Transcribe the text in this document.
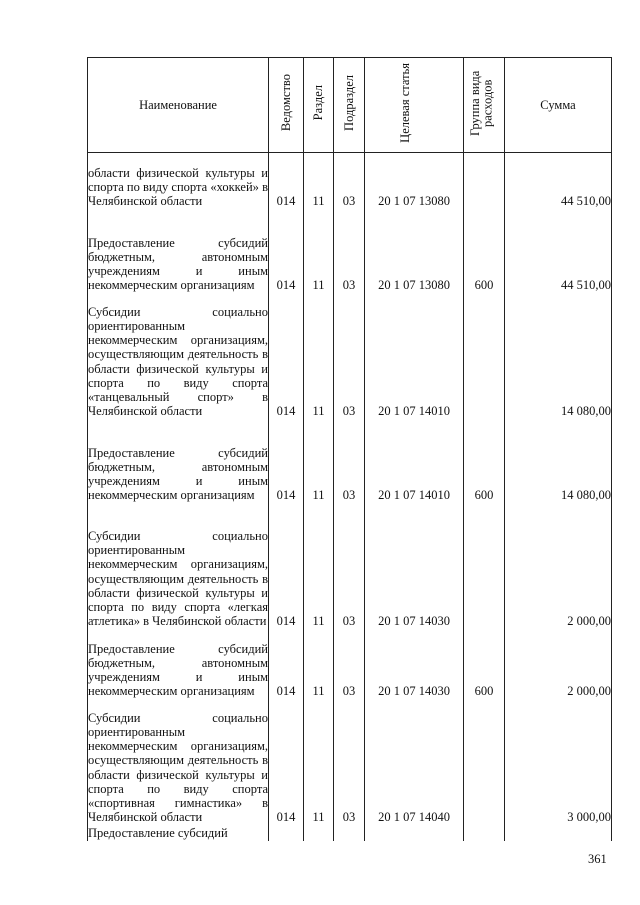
Наименование	Ведомство	Раздел	Подраздел	Целевая статья	Группа вида расходов	Сумма

области физической культуры и спорта по виду спорта «хоккей» в Челябинской области	014	11	03	20 1 07 13080		44 510,00

Предоставление субсидий бюджетным, автономным учреждениям и иным некоммерческим организациям	014	11	03	20 1 07 13080	600	44 510,00

Субсидии социально ориентированным некоммерческим организациям, осуществляющим деятельность в области физической культуры и спорта по виду спорта «танцевальный спорт» в Челябинской области	014	11	03	20 1 07 14010		14 080,00

Предоставление субсидий бюджетным, автономным учреждениям и иным некоммерческим организациям	014	11	03	20 1 07 14010	600	14 080,00

Субсидии социально ориентированным некоммерческим организациям, осуществляющим деятельность в области физической культуры и спорта по виду спорта «легкая атлетика» в Челябинской области	014	11	03	20 1 07 14030		2 000,00

Предоставление субсидий бюджетным, автономным учреждениям и иным некоммерческим организациям	014	11	03	20 1 07 14030	600	2 000,00

Субсидии социально ориентированным некоммерческим организациям, осуществляющим деятельность в области физической культуры и спорта по виду спорта «спортивная гимнастика» в Челябинской области	014	11	03	20 1 07 14040		3 000,00

Предоставление субсидий						

361
